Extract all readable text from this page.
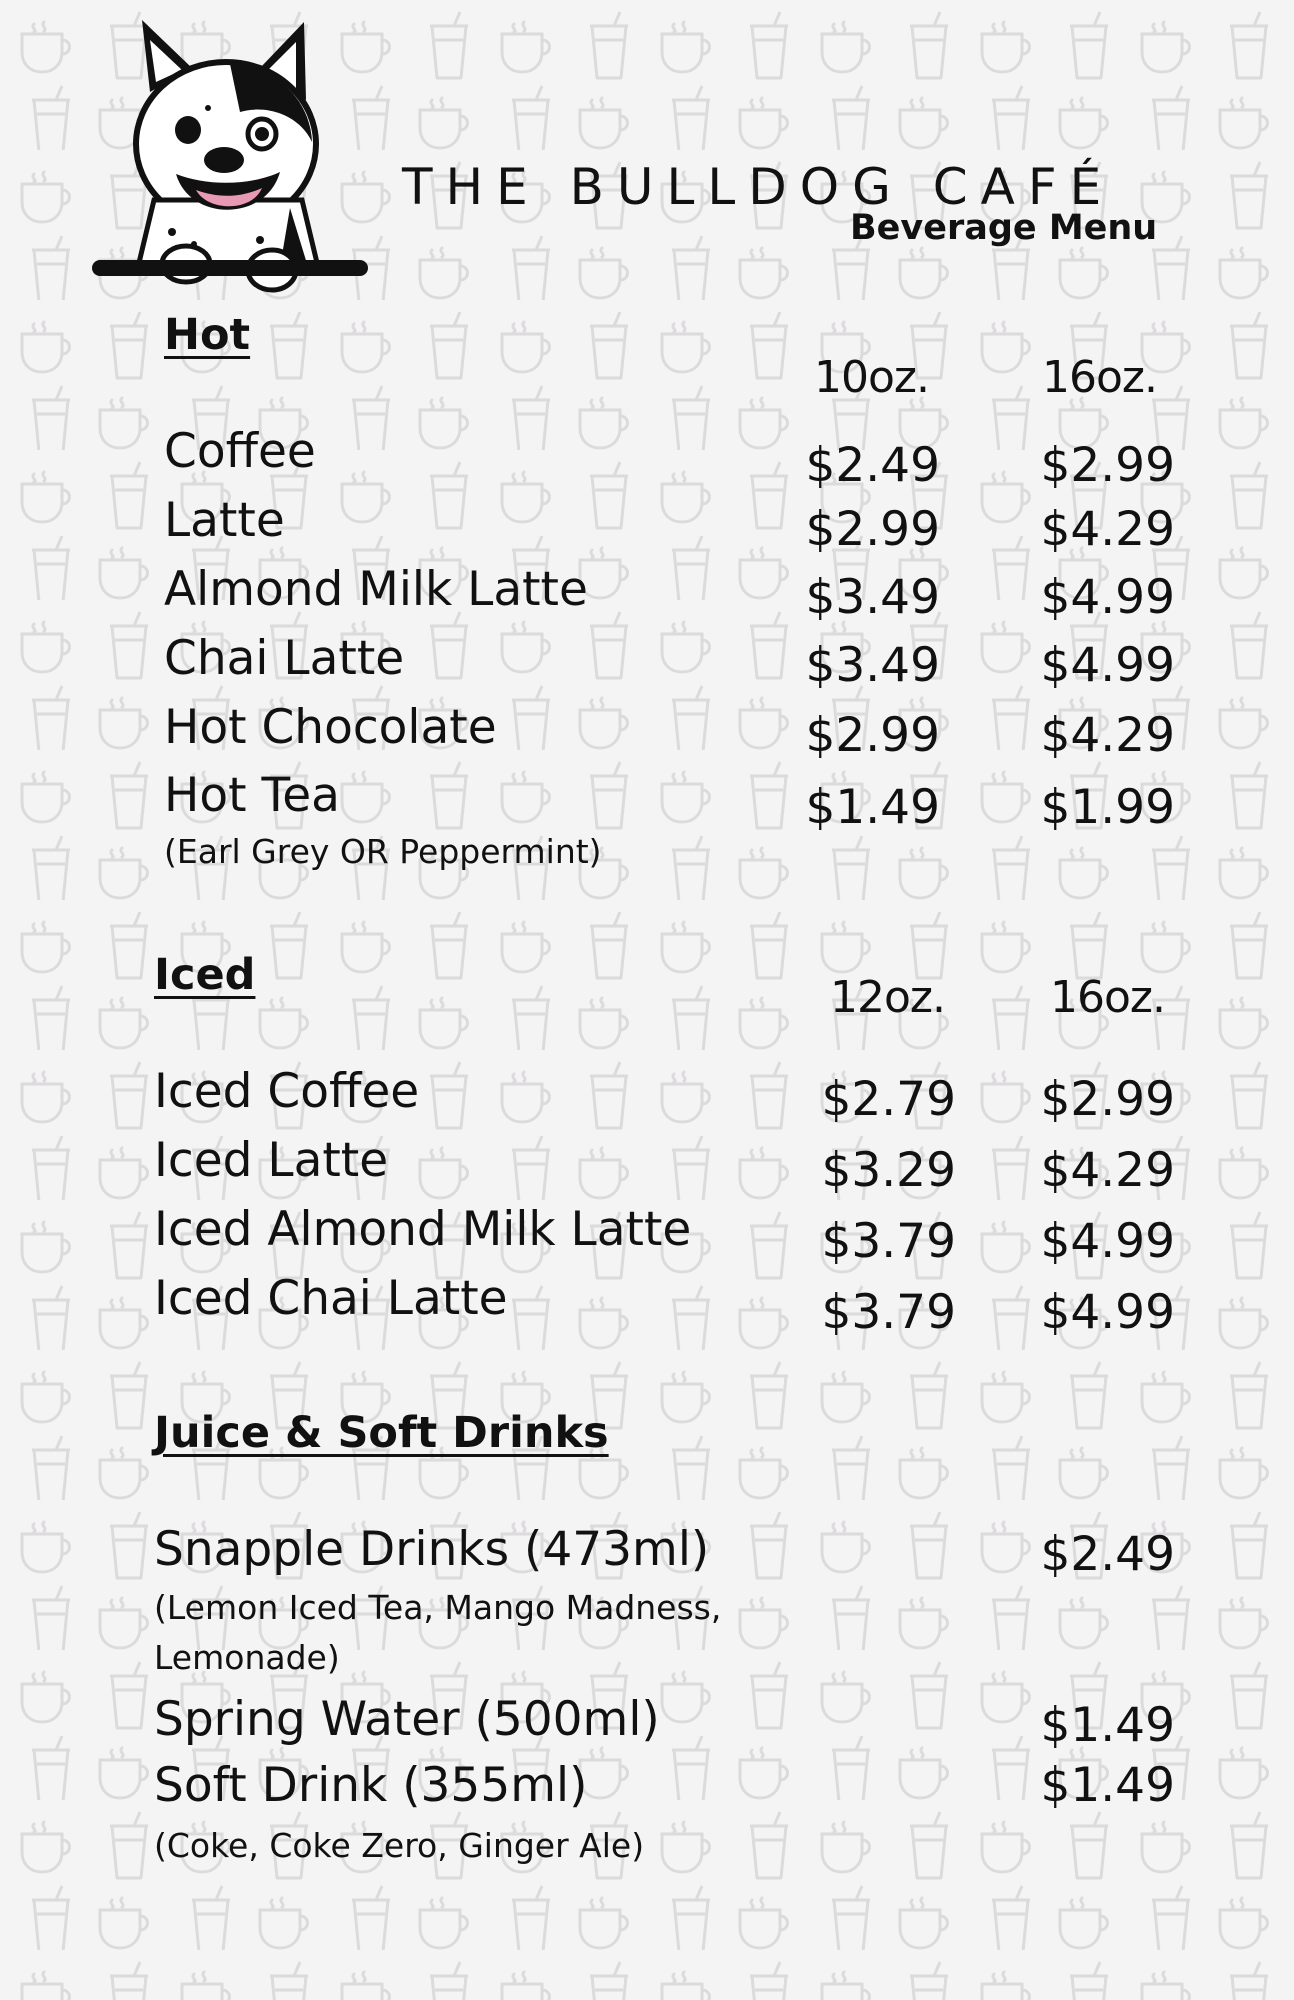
THE BULLDOG CAFÉ
Beverage Menu
Hot
10oz.	16oz.
Coffee	$2.49	$2.99
Latte	$2.99	$4.29
Almond Milk Latte	$3.49	$4.99
Chai Latte	$3.49	$4.99
Hot Chocolate	$2.99	$4.29
Hot Tea	$1.49	$1.99
(Earl Grey OR Peppermint)
Iced	12oz. 16oz.
Iced Coffee	$2.79	$2.99
Iced Latte	$3.29	$4.29
Iced Almond Milk Latte	$3.79	$4.99
Iced Chai Latte	$3.79	$4.99
Juice & Soft Drinks
Snapple Drinks (473ml)	$2.49
(Lemon Iced Tea, Mango Madness,
Lemonade)
Spring Water (500ml)	$1.49
Soft Drink (355ml)	$1.49
(Coke, Coke Zero, Ginger Ale)
